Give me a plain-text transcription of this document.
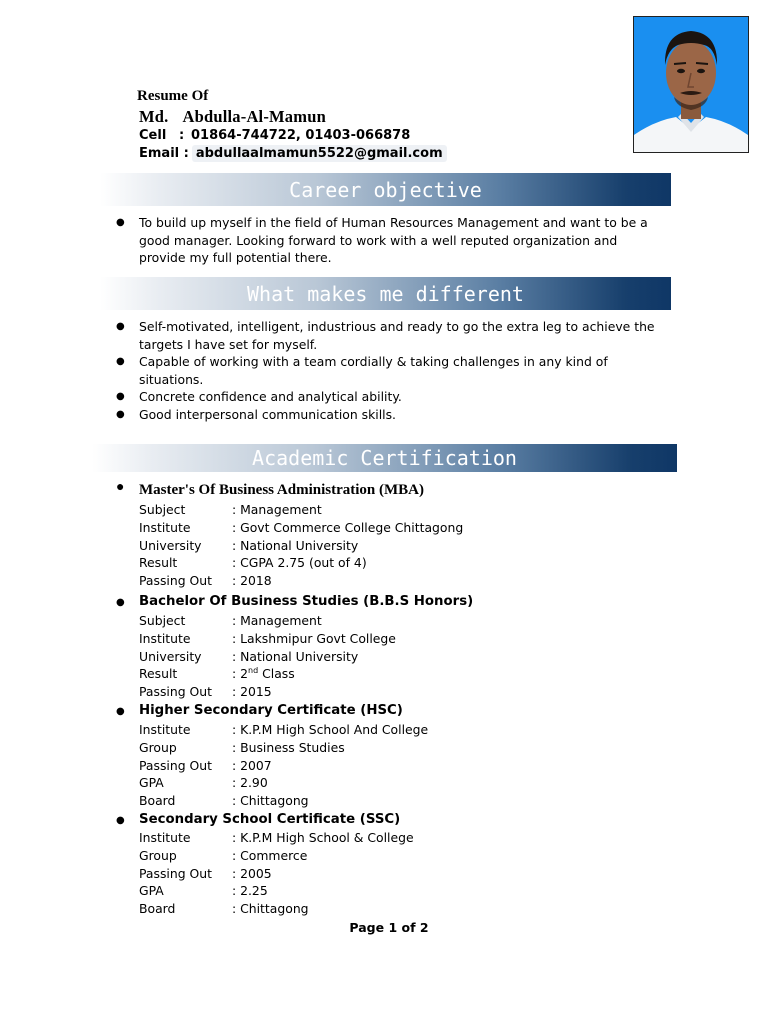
Resume Of
Md. Abdulla-Al-Mamun
Cell : 01864-744722, 01403-066878
Email : abdullaalmamun5522@gmail.com
Career objective
● To build up myself in the field of Human Resources Management and want to be a good manager. Looking forward to work with a well reputed organization and provide my full potential there.
What makes me different
● Self-motivated, intelligent, industrious and ready to go the extra leg to achieve the targets I have set for myself.
● Capable of working with a team cordially & taking challenges in any kind of situations.
● Concrete confidence and analytical ability.
● Good interpersonal communication skills.
Academic Certification
● Master's Of Business Administration (MBA)
Subject	: Management
Institute	: Govt Commerce College Chittagong
University : National University
Result	: CGPA 2.75 (out of 4)
Passing Out : 2018
● Bachelor Of Business Studies (B.B.S Honors)
Subject	: Management
Institute	: Lakshmipur Govt College
University : National University
Result	: 2nd Class
Passing Out : 2015
● Higher Secondary Certificate (HSC)
Institute	: K.P.M High School And College
Group	: Business Studies
Passing Out : 2007
GPA	: 2.90
Board	: Chittagong
● Secondary School Certificate (SSC)
Institute	: K.P.M High School & College
Group	: Commerce
Passing Out : 2005
GPA	: 2.25
Board	: Chittagong
Page 1 of 2
